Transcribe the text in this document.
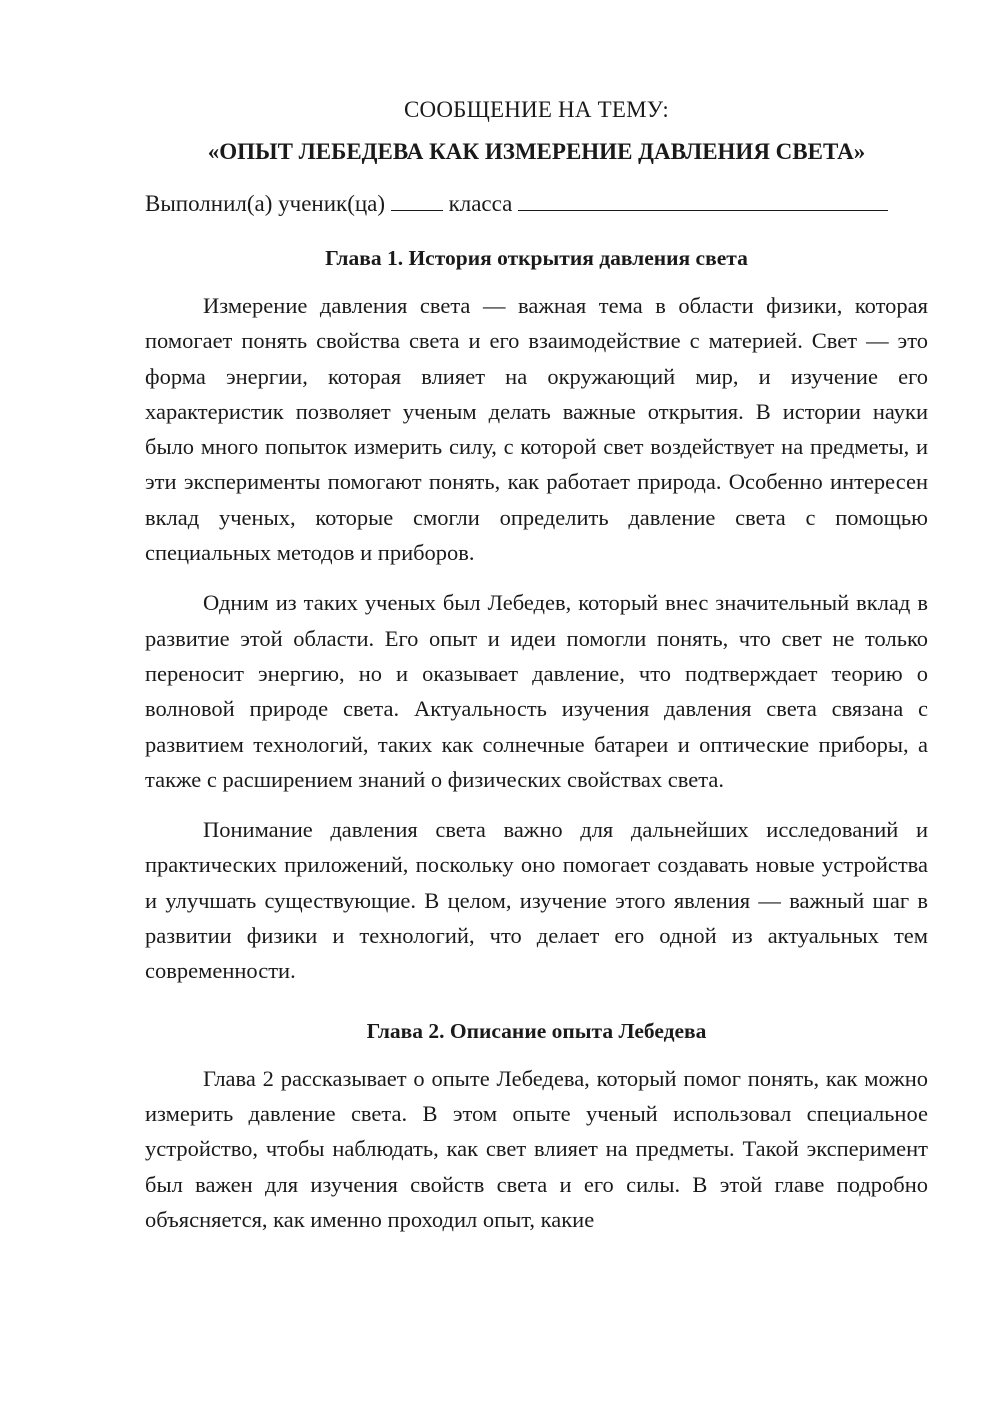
СООБЩЕНИЕ НА ТЕМУ:
«ОПЫТ ЛЕБЕДЕВА КАК ИЗМЕРЕНИЕ ДАВЛЕНИЯ СВЕТА»

Выполнил(а) ученик(ца)	класса

Глава 1. История открытия давления света

Измерение давления света — важная тема в области физики, которая помогает понять свойства света и его взаимодействие с материей. Свет — это форма энергии, которая влияет на окружающий мир, и изучение его характеристик позволяет ученым делать важные открытия. В истории науки было много попыток измерить силу, с которой свет воздействует на предметы, и эти эксперименты помогают понять, как работает природа. Особенно интересен вклад ученых, которые смогли определить давление света с помощью специальных методов и приборов.

Одним из таких ученых был Лебедев, который внес значительный вклад в развитие этой области. Его опыт и идеи помогли понять, что свет не только переносит энергию, но и оказывает давление, что подтверждает теорию о волновой природе света. Актуальность изучения давления света связана с развитием технологий, таких как солнечные батареи и оптические приборы, а также с расширением знаний о физических свойствах света.

Понимание давления света важно для дальнейших исследований и практических приложений, поскольку оно помогает создавать новые устройства и улучшать существующие. В целом, изучение этого явления — важный шаг в развитии физики и технологий, что делает его одной из актуальных тем современности.

Глава 2. Описание опыта Лебедева

Глава 2 рассказывает о опыте Лебедева, который помог понять, как можно измерить давление света. В этом опыте ученый использовал специальное устройство, чтобы наблюдать, как свет влияет на предметы. Такой эксперимент был важен для изучения свойств света и его силы. В этой главе подробно объясняется, как именно проходил опыт, какие
